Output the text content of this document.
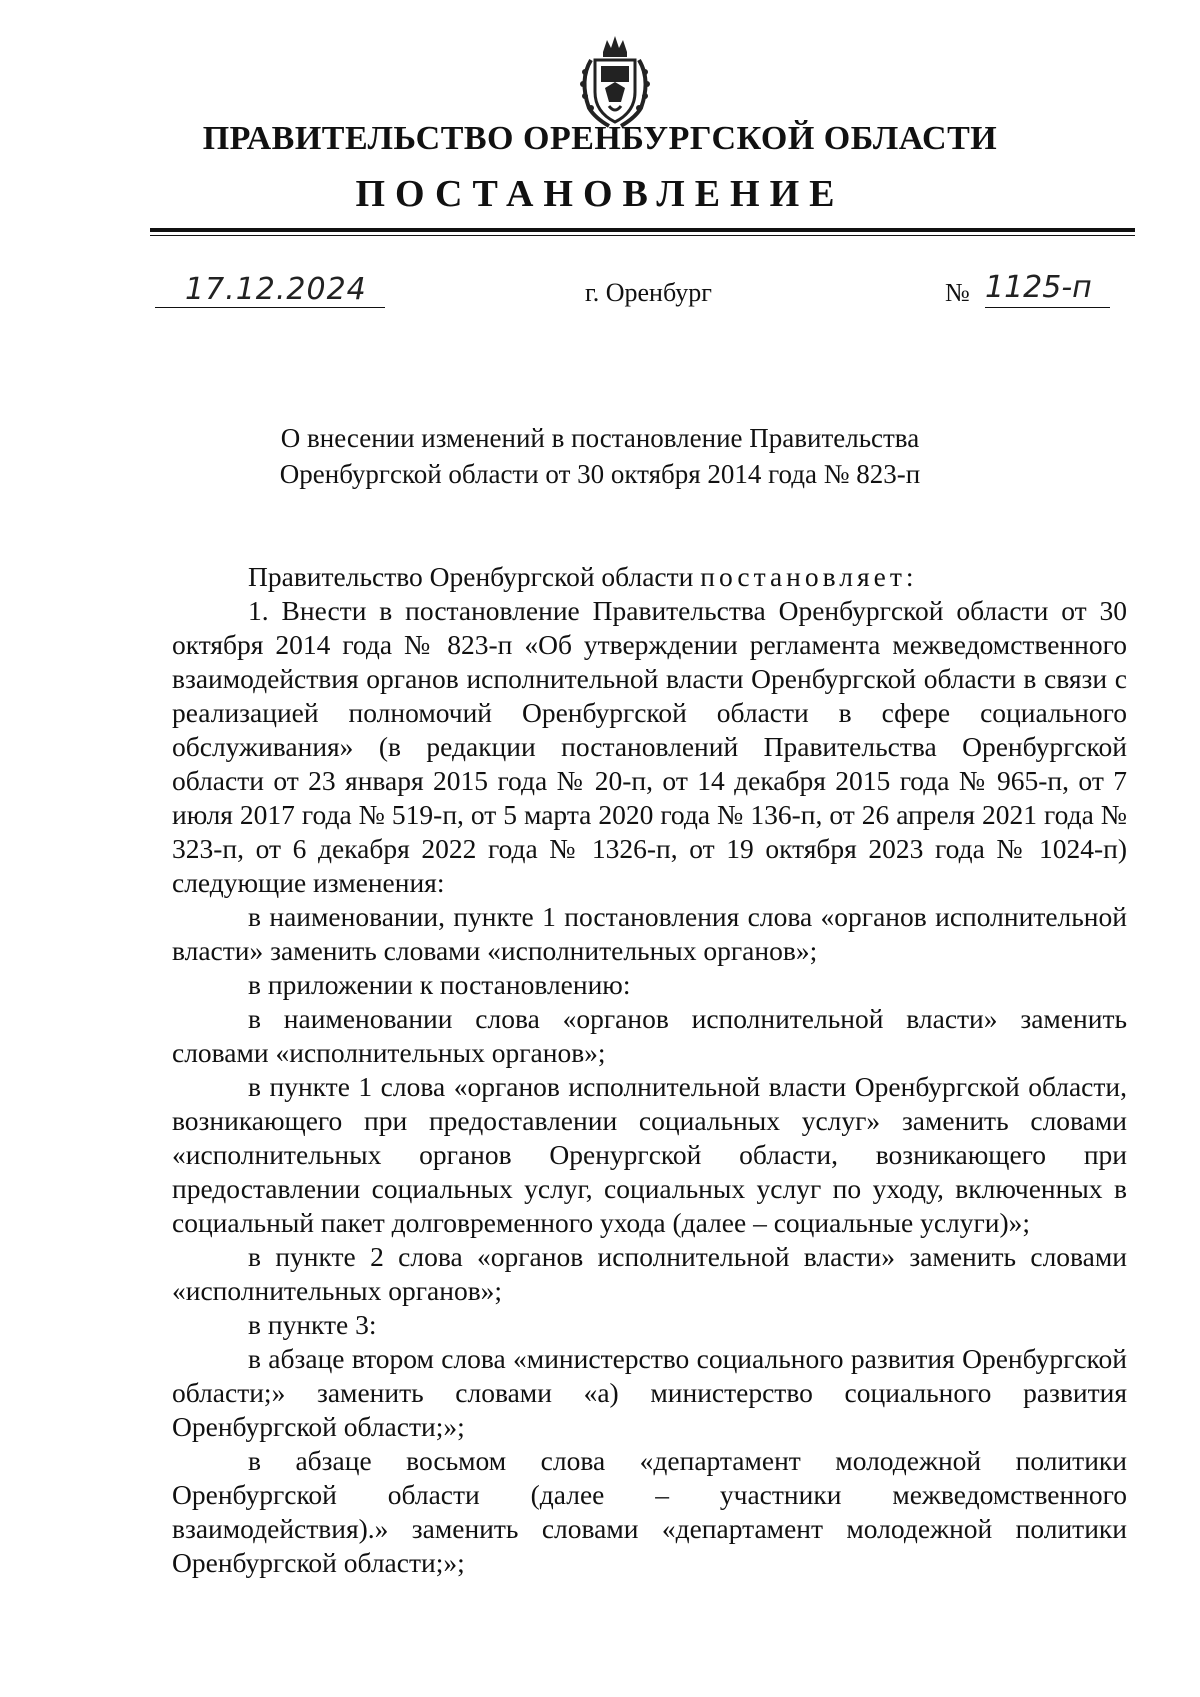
ПРАВИТЕЛЬСТВО ОРЕНБУРГСКОЙ ОБЛАСТИ
ПОСТАНОВЛЕНИЕ
17.12.2024	г. Оренбург	№ 1125-п
О внесении изменений в постановление Правительства
Оренбургской области от 30 октября 2014 года № 823-п

Правительство Оренбургской области постановляет:

1. Внести в постановление Правительства Оренбургской области от 30 октября 2014 года № 823-п «Об утверждении регламента межведомственного взаимодействия органов исполнительной власти Оренбургской области в связи с реализацией полномочий Оренбургской области в сфере социального обслуживания» (в редакции постановлений Правительства Оренбургской области от 23 января 2015 года № 20-п, от 14 декабря 2015 года № 965-п, от 7 июля 2017 года № 519-п, от 5 марта 2020 года № 136-п, от 26 апреля 2021 года № 323-п, от 6 декабря 2022 года № 1326-п, от 19 октября 2023 года № 1024-п) следующие изменения:

в наименовании, пункте 1 постановления слова «органов исполнительной власти» заменить словами «исполнительных органов»;

в приложении к постановлению:

в наименовании слова «органов исполнительной власти» заменить словами «исполнительных органов»;

в пункте 1 слова «органов исполнительной власти Оренбургской области, возникающего при предоставлении социальных услуг» заменить словами «исполнительных органов Оренургской области, возникающего при предоставлении социальных услуг, социальных услуг по уходу, включенных в социальный пакет долговременного ухода (далее – социальные услуги)»;

в пункте 2 слова «органов исполнительной власти» заменить словами «исполнительных органов»;

в пункте 3:

в абзаце втором слова «министерство социального развития Оренбургской области;» заменить словами «а) министерство социального развития Оренбургской области;»;

в абзаце восьмом слова «департамент молодежной политики Оренбургской области (далее – участники межведомственного взаимодействия).» заменить словами «департамент молодежной политики Оренбургской области;»;
